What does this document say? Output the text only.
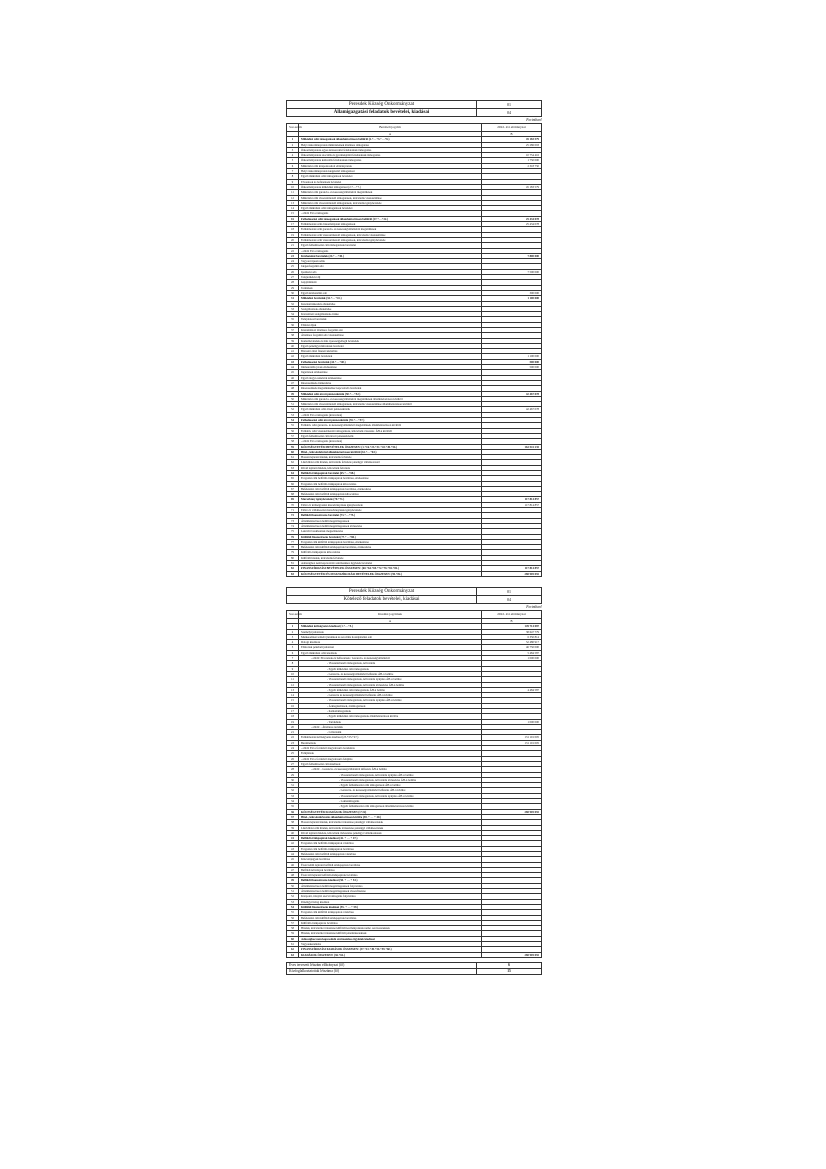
Peresdek Község Önkormányzat	01
Államigazgatási feladatok bevételei, kiadásai	04
Forintban!
Sor-szám	Bevételi jogcím	2022. évi előirányzat
	A	B
1	Működési célú támogatások államháztartáson belülről (2.+…+3.+…+6.)	45 183 579
2	Helyi önkormányzatok működésének általános támogatása	25 286 093
3	Önkormányzatok egyes köznevelési feladatainak támogatása	
4	Önkormányzatok szociális és gyermekjóléti feladatainak támogatása	10 754 416
5	Önkormányzatok kulturális feladatainak támogatása	1 750 000
6	Működési célú központosított előirányzatok	2 318 750
7	Helyi önkormányzatok kiegészítő támogatásai	
8	Egyéb működési célú támogatások bevételei	
9	Elvonások és befizetések bevételei	
10	Önkormányzatok működési támogatásai (2.+…+7.)	45 183 579
11	Működési célú garancia- és kezességvállalásból megtérülések	
12	Működési célú visszatérítendő támogatások, kölcsönök visszatérülése	
13	Működési célú visszatérítendő támogatások, kölcsönök igénybevétele	
14	Egyéb működési célú támogatások bevételei	
15	- ebből EU-s támogatás	
16	Felhalmozási célú támogatások államháztartáson belülről (17.+…+22.)	25 434 078
17	Felhalmozási célú önkormányzati támogatások	25 434 078
18	Felhalmozási célú garancia- és kezességvállalásból megtérülések	
19	Felhalmozási célú visszatérítendő támogatások, kölcsönök visszatérülése	
20	Felhalmozási célú visszatérítendő támogatások, kölcsönök igénybevétele	
21	Egyéb felhalmozási célú támogatások bevételei	
22	- ebből EU-s támogatás	
23	Közhatalmi bevételek (24.+…+30.)	7 800 000
24	Vagyoni tipusú adók	
25	Idegenforgalmi adó	
26	Iparűzési adó	7 500 000
27	Talajterhelési díj	
28	Gépjárműadó	
29	Termékek	
30	Egyéb közhatalmi adó	300 000
31	Működési bevételek (32.+…+41.)	1 100 000
32	Készletértékesítés ellenértéke	
33	Szolgáltatások ellenértéke	
34	Közvetített szolgáltatások értéke	
35	Tulajdonosi bevételek	
36	Ellátási díjak	
37	Kiszámlázott általános forgalmi adó	
38	Általános forgalmi adó visszatérítése	
39	Kamatbevételek és más nyereségjellegű bevételek	
40	Egyéb pénzügyi műveletek bevételei	
41	Biztosító által fizetett kártérítés	
42	Egyéb működési bevételek	1 100 000
43	Felhalmozási bevételek (44.+…+48.)	500 000
44	Immateriális javak értékesítése	500 000
45	Ingatlanok értékesítése	
46	Egyéb tárgyi eszközök értékesítése	
47	Részesedések értékesítése	
48	Részesedések megszűnéséhez kapcsolódó bevételek	
49	Működési célú átvett pénzeszközök (50.+…+52.)	42 467 078
50	Működési célú garancia- és kezességvállalásból megtérülések államháztartáson kívülről	
51	Működési célú visszatérítendő támogatások, kölcsönök visszatérülése államháztartáson kívülről	
52	Egyéb működési célú átvett pénzeszközök	42 467 078
53	- ebből EU-s támogatás (közvetlen)	
54	Felhalmozási célú átvett pénzeszközök (55.+…+57.)	
55	Felhalm. célú garancia- és kezességvállalásból megtérülések államháztartáson kívülről	
56	Felhalm. célú visszatérítendő támogatások, kölcsönök visszatér. ÁH-n kívülről	
57	Egyéb felhalmozási célú átvett pénzeszközök	
58	- ebből EU-s támogatás (közvetlen)	
59	KÖLTSÉGVETÉSI BEVÉTELEK ÖSSZESEN: (1.+16.+23.+31.+43.+49.+54.)	162 541 235
60	Hitel-, kölcsönfelvétel államháztartáson kívülről (61.+…+63.)	
61	Hosszú lejáratú hitelek, kölcsönök felvétele	
62	Likviditási célú hitelek, kölcsönök felvétele pénzügyi vállalkozástól	
63	Rövid lejáratú hitelek, kölcsönök felvétele	
64	Belföldi értékpapírok bevételei (65.+…+68.)	
65	Forgatási célú belföldi értékpapírok beváltása, értékesítése	
66	Forgatási célú belföldi értékpapírok kibocsátása	
67	Befektetési célú belföldi értékpapírok beváltása, értékesítése	
68	Befektetési célú belföldi értékpapírok kibocsátása	
69	Maradvány igénybevétele (70.+71.)	117 814 857
70	Előző év költségvetési maradványának igénybevétele	117 814 857
71	Előző év vállalkozási maradványának igénybevétele	
72	Belföldi finanszírozás bevételei (73.+…+75.)	
73	Államháztartáson belüli megelőlegezések	
74	Államháztartáson belüli megelőlegezések törlesztése	
75	Lekötött bankbetétek megszüntetése	
76	Külföldi finanszírozás bevételei (77.+…+80.)	
77	Forgatási célú külföldi értékpapírok beváltása, értékesítése	
78	Befektetési célú külföldi értékpapírok beváltása, értékesítése	
79	Külföldi értékpapírok kibocsátása	
80	Külföldi hitelek, kölcsönök felvétele	
81	Adóssághoz nem kapcsolódó származékos ügyletek bevételei	
82	FINANSZÍROZÁSI BEVÉTELEK ÖSSZESEN: (60.+64.+69.+72.+76.+81.+82.)	117 814 857
83	KÖLTSÉGVETÉSI ÉS FINANSZÍROZÁSI BEVÉTELEK ÖSSZESEN: (59.+82.)	280 905 092
Peresdek Község Önkormányzat	01
Kötelező feladatok bevételei, kiadásai	04
Forintban!
Sor-szám	Kiadási jogcímek	2022. évi előirányzat
	A	B
1	Működési költségvetés kiadásai (1.+…+5.)	149 714 087
2	Személyi juttatások	38 647 779
3	Munkaadókat terhelő járulékok és szociális hozzájárulási adó	6 350 814
4	Dologi kiadások	52 480 917
5	Ellátottak pénzbeli juttatásai	46 750 000
6	Egyéb működési célú kiadások	5 484 587
7	- ebből: Elvonások és befizetések / Garancia- és kezességvállalásból	1 000 000
8	- Visszatérítendő támogatások, kölcsönök	
9	- Egyéb működési célú támogatások	
10	- Garancia- és kezességvállalásból kifizetés ÁH-n belülre	
11	- Visszatérítendő támogatások, kölcsönök nyújtása ÁH-n belülre	
12	- Visszatérítendő támogatások, kölcsönök törlesztése ÁH-n belülre	
13	- Egyéb működési célú támogatások ÁH-n belülre	4 484 587
14	- Garancia és kezességvállalásból kifizetés ÁH-n kívülre	
15	- Visszatérítendő támogatások, kölcsönök nyújtása ÁH-n kívülre	
16	- Árkiegészítések, ártámogatások	
17	- Kamattámogatások	
18	- Egyéb működési célú támogatások államháztartáson kívülre	
19	- Tartalékok	1 000 000
20	- ebből: - Általános tartalék	
21	- Céltartalék	
22	Felhalmozási költségvetés kiadásai (23.+25.+27.)	131 191 005
23	Beruházások	131 191 005
24	- ebből EU-s forrásból megvalósuló beruházás	
25	Felújítások	
26	- ebből EU-s forrásból megvalósuló felújítás	
27	Egyéb felhalmozási célú kiadások	
28	- ebből: - Garancia- és kezességvállalásból kifizetés ÁH-n belülre	
29	- Visszatérítendő támogatások, kölcsönök nyújtása ÁH-n belülre	
30	- Visszatérítendő támogatások, kölcsönök törlesztése ÁH-n belülre	
31	- Egyéb felhalmozási célú támogatások ÁH-n belülre	
32	- Garancia- és kezességvállalásból kifizetés ÁH-n kívülre	
33	- Visszatérítendő támogatások, kölcsönök nyújtása ÁH-n kívülre	
34	- Lakástámogatás	
35	- Egyéb felhalmozási célú támogatások államháztartáson kívülre	
36	KÖLTSÉGVETÉSI KIADÁSOK ÖSSZESEN (1+22)	280 905 092
37	Hitel-, kölcsöntörlesztés államháztartáson kívülre (38. + … + 40.)	
38	Hosszú lejáratú hitelek, kölcsönök törlesztése pénzügyi vállalkozásnak	
39	Likviditási célú hitelek, kölcsönök törlesztése pénzügyi vállalkozásnak	
40	Rövid lejáratú hitelek, kölcsönök törlesztése pénzügyi vállalkozásnak	
41	Belföldi értékpapírok kiadásai (42. + … + 47.)	
42	Forgatási célú belföldi értékpapírok vásárlása	
43	Forgatási célú belföldi értékpapírok beváltása	
44	Befektetési célú belföldi értékpapírok vásárlása	
45	Kincstárjegyek beváltása	
46	Éven belüli lejáratú belföldi értékpapírok beváltása	
47	Belföldi kötvények beváltása	
48	Éven túli lejáratú belföldi értékpapírok beváltása	
49	Belföldi finanszírozás kiadásai (50. + … + 53.)	
50	Államháztartáson belüli megelőlegezések folyósítása	
51	Államháztartáson belüli megelőlegezések visszafizetése	
52	Központi, irányító szervi támogatás folyósítása	
53	Pénzügyi lízing kiadásai	
54	Külföldi finanszírozás kiadásai (55. + … + 59.)	
55	Forgatási célú külföldi értékpapírok vásárlása	
56	Befektetési célú külföldi értékpapírok beváltása	
57	Külföldi értékpapírok beváltása	
58	Hitelek, kölcsönök törlesztése külföldi kormányoknak nemz. szervezeteknek	
59	Hitelek, kölcsönök törlesztése külföldi pénzintézeteknek	
60	Adóssághoz nem kapcsolódó származékos ügyletek kiadásai	
61	Vagyonkezelésbe	
62	FINANSZÍROZÁSI KIADÁSOK ÖSSZESEN: (37.+41.+49.+54.+59.+60.)	
63	KIADÁSOK ÖSSZESEN: (36.+62.)	280 905 092
Éves tervezett létszám előirányzat (fő)	6
Közfoglalkoztatottak létszáma (fő)	15
